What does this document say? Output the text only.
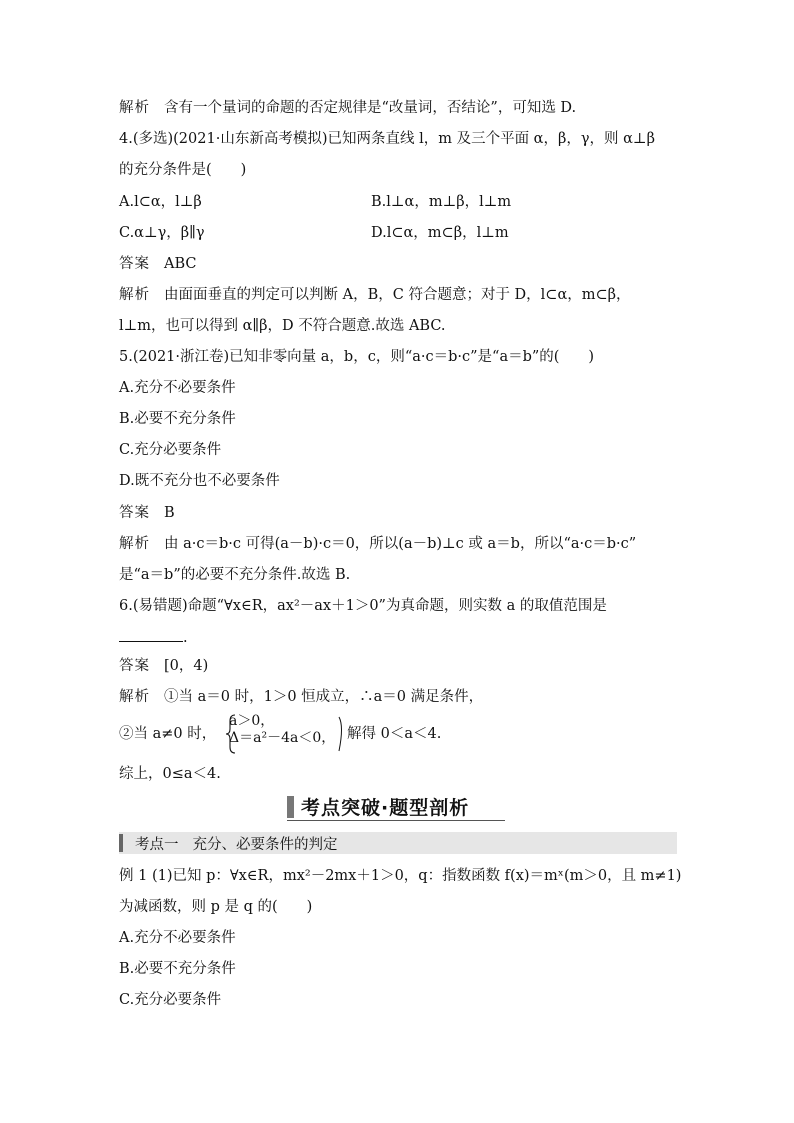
解析 含有一个量词的命题的否定规律是“改量词，否结论”，可知选 D.
4.(多选)(2021·山东新高考模拟)已知两条直线 l，m 及三个平面 α，β，γ，则 α⊥β
的充分条件是(　　)
A.l⊂α，l⊥β	B.l⊥α，m⊥β，l⊥m
C.α⊥γ，β∥γ	D.l⊂α，m⊂β，l⊥m
答案 ABC
解析 由面面垂直的判定可以判断 A，B，C 符合题意；对于 D，l⊂α，m⊂β，
l⊥m，也可以得到 α∥β，D 不符合题意.故选 ABC.
5.(2021·浙江卷)已知非零向量 a，b，c，则“a·c＝b·c”是“a＝b”的(　　)
A.充分不必要条件
B.必要不充分条件
C.充分必要条件
D.既不充分也不必要条件
答案 B
解析 由 a·c＝b·c 可得(a－b)·c＝0，所以(a－b)⊥c 或 a＝b，所以“a·c＝b·c”
是“a＝b”的必要不充分条件.故选 B.
6.(易错题)命题“∀x∈R，ax²－ax＋1＞0”为真命题，则实数 a 的取值范围是
.
答案 [0，4)
解析 ①当 a＝0 时，1＞0 恒成立，∴a＝0 满足条件，
②当 a≠0 时，
a＞0，
Δ＝a²－4a＜0， 解得 0＜a＜4.
综上，0≤a＜4.
考点突破·题型剖析
考点一 充分、必要条件的判定
例 1 (1)已知 p：∀x∈R，mx²－2mx＋1＞0，q：指数函数 f(x)＝mˣ(m＞0，且 m≠1)
为减函数，则 p 是 q 的(　　)
A.充分不必要条件
B.必要不充分条件
C.充分必要条件
